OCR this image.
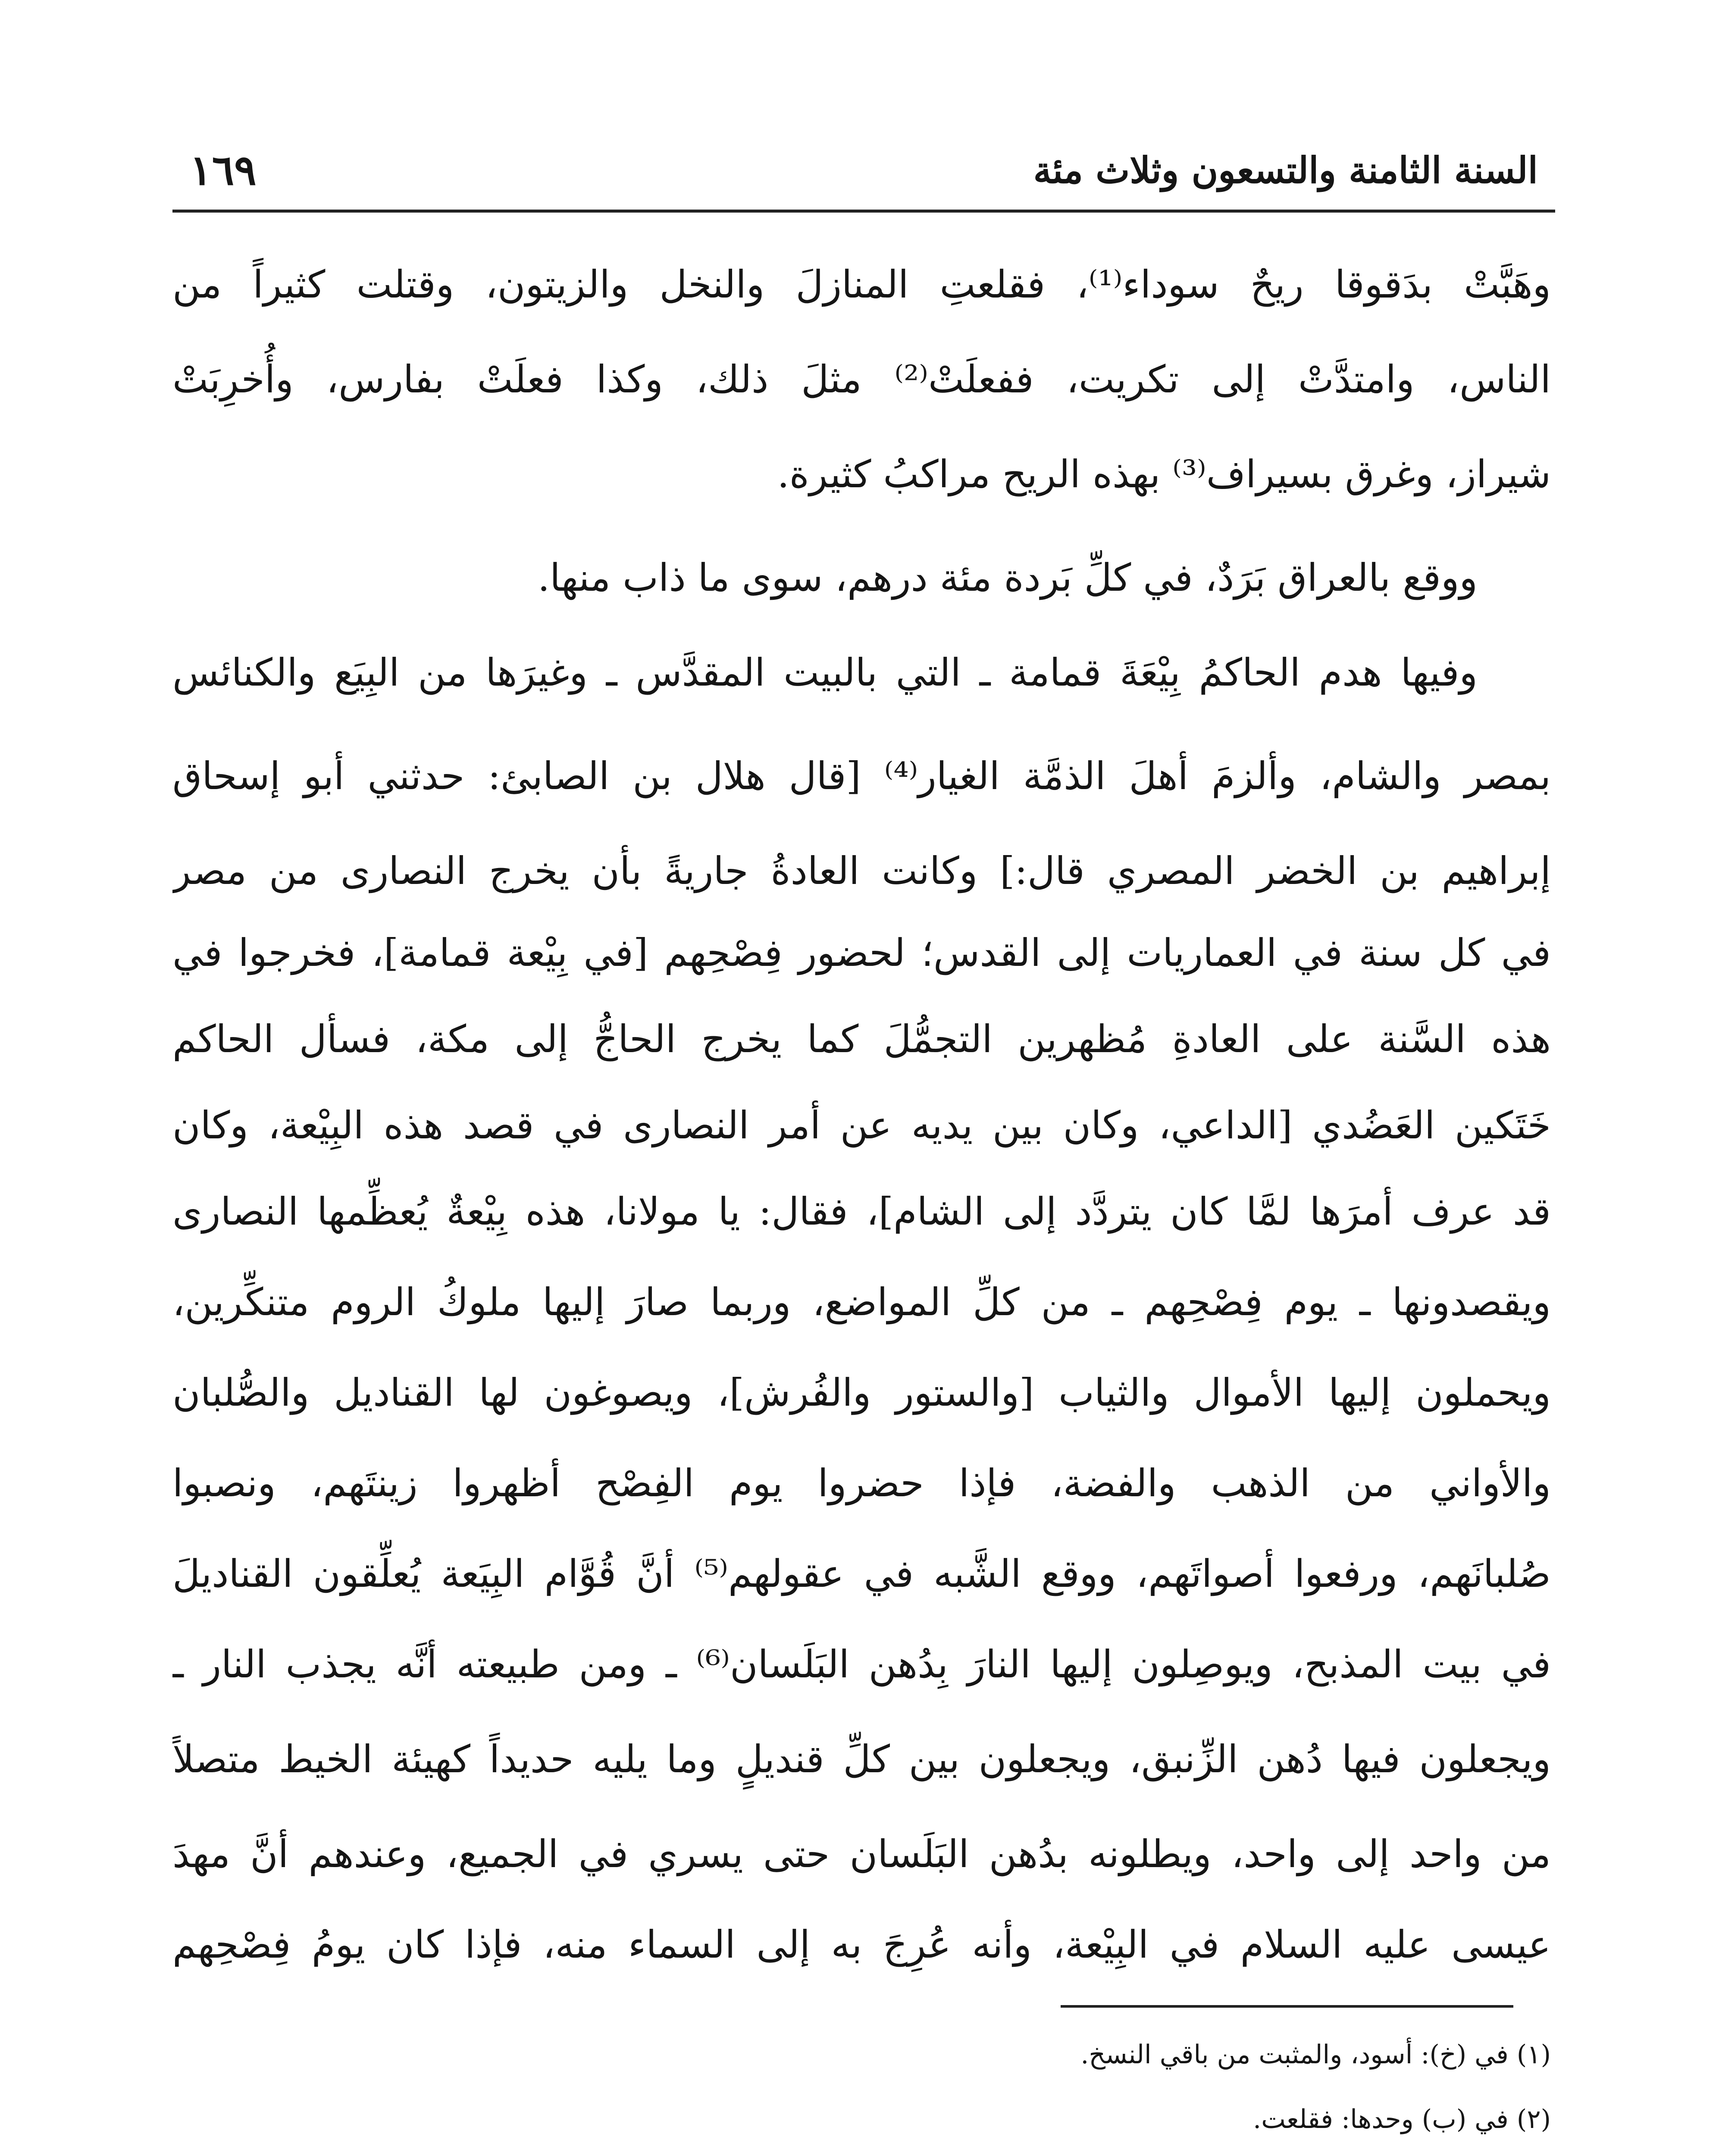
السنة الثامنة والتسعون وثلاث مئة
١٦٩
وهَبَّتْ بدَقوقا ريحٌ سوداء⁽¹⁾، فقلعتِ المنازلَ والنخل والزيتون، وقتلت كثيراً من
الناس، وامتدَّتْ إلى تكريت، ففعلَتْ⁽²⁾ مثلَ ذلك، وكذا فعلَتْ بفارس، وأُخرِبَتْ
شيراز، وغرق بسيراف⁽³⁾ بهذه الريح مراكبُ كثيرة.
ووقع بالعراق بَرَدٌ، في كلِّ بَردة مئة درهم، سوى ما ذاب منها.
وفيها هدم الحاكمُ بِيْعَةَ قمامة ـ التي بالبيت المقدَّس ـ وغيرَها من البِيَع والكنائس
بمصر والشام، وألزمَ أهلَ الذمَّة الغيار⁽⁴⁾ [قال هلال بن الصابئ: حدثني أبو إسحاق
إبراهيم بن الخضر المصري قال:] وكانت العادةُ جاريةً بأن يخرج النصارى من مصر
في كل سنة في العماريات إلى القدس؛ لحضور فِصْحِهم [في بِيْعة قمامة]، فخرجوا في
هذه السَّنة على العادةِ مُظهرين التجمُّلَ كما يخرج الحاجُّ إلى مكة، فسأل الحاكم
خَتَكين العَضُدي [الداعي، وكان بين يديه عن أمر النصارى في قصد هذه البِيْعة، وكان
قد عرف أمرَها لمَّا كان يتردَّد إلى الشام]، فقال: يا مولانا، هذه بِيْعةٌ يُعظِّمها النصارى
ويقصدونها ـ يوم فِصْحِهم ـ من كلِّ المواضع، وربما صارَ إليها ملوكُ الروم متنكِّرين،
ويحملون إليها الأموال والثياب [والستور والفُرش]، ويصوغون لها القناديل والصُّلبان
والأواني من الذهب والفضة، فإذا حضروا يوم الفِصْح أظهروا زينتَهم، ونصبوا
صُلبانَهم، ورفعوا أصواتَهم، ووقع الشَّبه في عقولهم⁽⁵⁾ أنَّ قُوَّام البِيَعة يُعلِّقون القناديلَ
في بيت المذبح، ويوصِلون إليها النارَ بِدُهن البَلَسان⁽⁶⁾ ـ ومن طبيعته أنَّه يجذب النار ـ
ويجعلون فيها دُهن الزِّنبق، ويجعلون بين كلِّ قنديلٍ وما يليه حديداً كهيئة الخيط متصلاً
من واحد إلى واحد، ويطلونه بدُهن البَلَسان حتى يسري في الجميع، وعندهم أنَّ مهدَ
عيسى عليه السلام في البِيْعة، وأنه عُرِجَ به إلى السماء منه، فإذا كان يومُ فِصْحِهم
(١) في (خ): أسود، والمثبت من باقي النسخ.
(٢) في (ب) وحدها: فقلعت.
